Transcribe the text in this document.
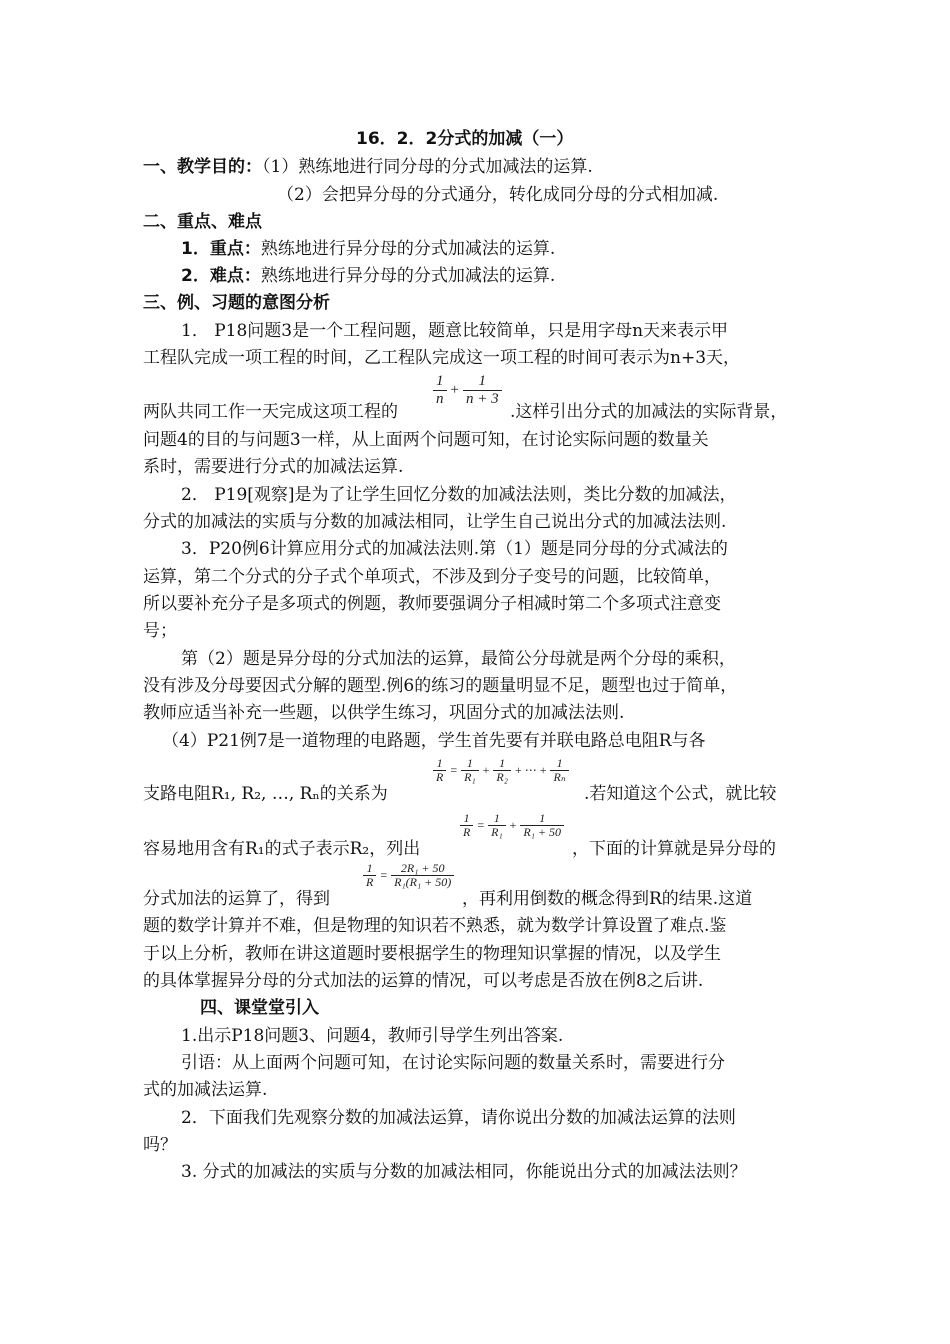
16．2．2分式的加减（一）
一、教学目的：（1）熟练地进行同分母的分式加减法的运算.
（2）会把异分母的分式通分，转化成同分母的分式相加减.
二、重点、难点
1．重点：熟练地进行异分母的分式加减法的运算.
2．难点：熟练地进行异分母的分式加减法的运算.
三、例、习题的意图分析
1． P18问题3是一个工程问题，题意比较简单，只是用字母n天来表示甲
工程队完成一项工程的时间，乙工程队完成这一项工程的时间可表示为n+3天，
$\frac{1}{n} + \frac{1}{n + 3}$
两队共同工作一天完成这项工程的	.这样引出分式的加减法的实际背景，
问题4的目的与问题3一样，从上面两个问题可知，在讨论实际问题的数量关
系时，需要进行分式的加减法运算.
2． P19[观察]是为了让学生回忆分数的加减法法则，类比分数的加减法，
分式的加减法的实质与分数的加减法相同，让学生自己说出分式的加减法法则.
3．P20例6计算应用分式的加减法法则.第（1）题是同分母的分式减法的
运算，第二个分式的分子式个单项式，不涉及到分子变号的问题，比较简单，
所以要补充分子是多项式的例题，教师要强调分子相减时第二个多项式注意变
号；
第（2）题是异分母的分式加法的运算，最简公分母就是两个分母的乘积，
没有涉及分母要因式分解的题型.例6的练习的题量明显不足，题型也过于简单，
教师应适当补充一些题，以供学生练习，巩固分式的加减法法则.
（4）P21例7是一道物理的电路题，学生首先要有并联电路总电阻R与各
$\frac{1}{R} = \frac{1}{\text{R₁}} + \frac{1}{\text{R₂}}$ + ⋯ + $\frac{1}{\text{Rₙ}}$
支路电阻R₁, R₂, …, Rₙ的关系为	.若知道这个公式，就比较
$\frac{1}{R} = \frac{1}{\text{R₁}} + \frac{1}{\text{R₁ + 50}}$
容易地用含有R₁的式子表示R₂，列出	，下面的计算就是异分母的
$\frac{1}{R} = \frac{\text{2R₁ + 50}}{\text{R₁(R₁ + 50)}}$
分式加法的运算了，得到	，再利用倒数的概念得到R的结果.这道
题的数学计算并不难，但是物理的知识若不熟悉，就为数学计算设置了难点.鉴
于以上分析，教师在讲这道题时要根据学生的物理知识掌握的情况，以及学生
的具体掌握异分母的分式加法的运算的情况，可以考虑是否放在例8之后讲.
四、课堂堂引入
1.出示P18问题3、问题4，教师引导学生列出答案.
引语：从上面两个问题可知，在讨论实际问题的数量关系时，需要进行分
式的加减法运算.
2．下面我们先观察分数的加减法运算，请你说出分数的加减法运算的法则
吗？
3. 分式的加减法的实质与分数的加减法相同，你能说出分式的加减法法则？
